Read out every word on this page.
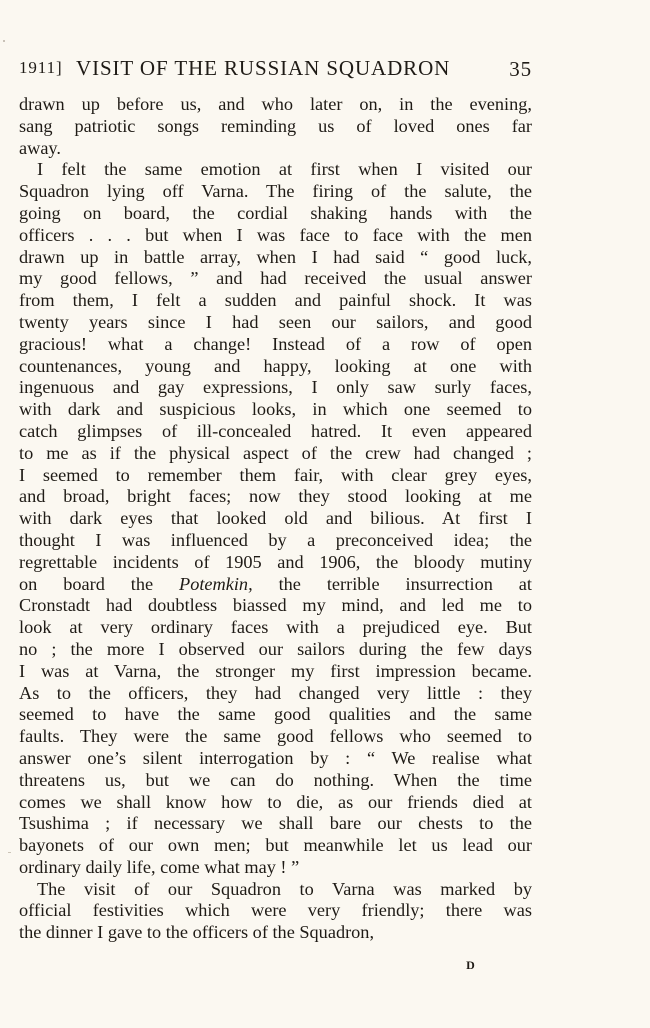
1911] VISIT OF THE RUSSIAN SQUADRON	35
drawn up before us, and who later on, in the evening,
sang patriotic songs reminding us of loved ones far
away.
I felt the same emotion at first when I visited our
Squadron lying off Varna. The firing of the salute, the
going on board, the cordial shaking hands with the
officers . . . but when I was face to face with the men
drawn up in battle array, when I had said “ good luck,
my good fellows, ” and had received the usual answer
from them, I felt a sudden and painful shock. It was
twenty years since I had seen our sailors, and good
gracious! what a change! Instead of a row of open
countenances, young and happy, looking at one with
ingenuous and gay expressions, I only saw surly faces,
with dark and suspicious looks, in which one seemed to
catch glimpses of ill-concealed hatred. It even appeared
to me as if the physical aspect of the crew had changed ;
I seemed to remember them fair, with clear grey eyes,
and broad, bright faces; now they stood looking at me
with dark eyes that looked old and bilious. At first I
thought I was influenced by a preconceived idea; the
regrettable incidents of 1905 and 1906, the bloody mutiny
on board the Potemkin, the terrible insurrection at
Cronstadt had doubtless biassed my mind, and led me to
look at very ordinary faces with a prejudiced eye. But
no ; the more I observed our sailors during the few days
I was at Varna, the stronger my first impression became.
As to the officers, they had changed very little : they
seemed to have the same good qualities and the same
faults. They were the same good fellows who seemed to
answer one’s silent interrogation by : “ We realise what
threatens us, but we can do nothing. When the time
comes we shall know how to die, as our friends died at
Tsushima ; if necessary we shall bare our chests to the
bayonets of our own men; but meanwhile let us lead our
ordinary daily life, come what may ! ”
The visit of our Squadron to Varna was marked by
official festivities which were very friendly; there was
the dinner I gave to the officers of the Squadron,
D
